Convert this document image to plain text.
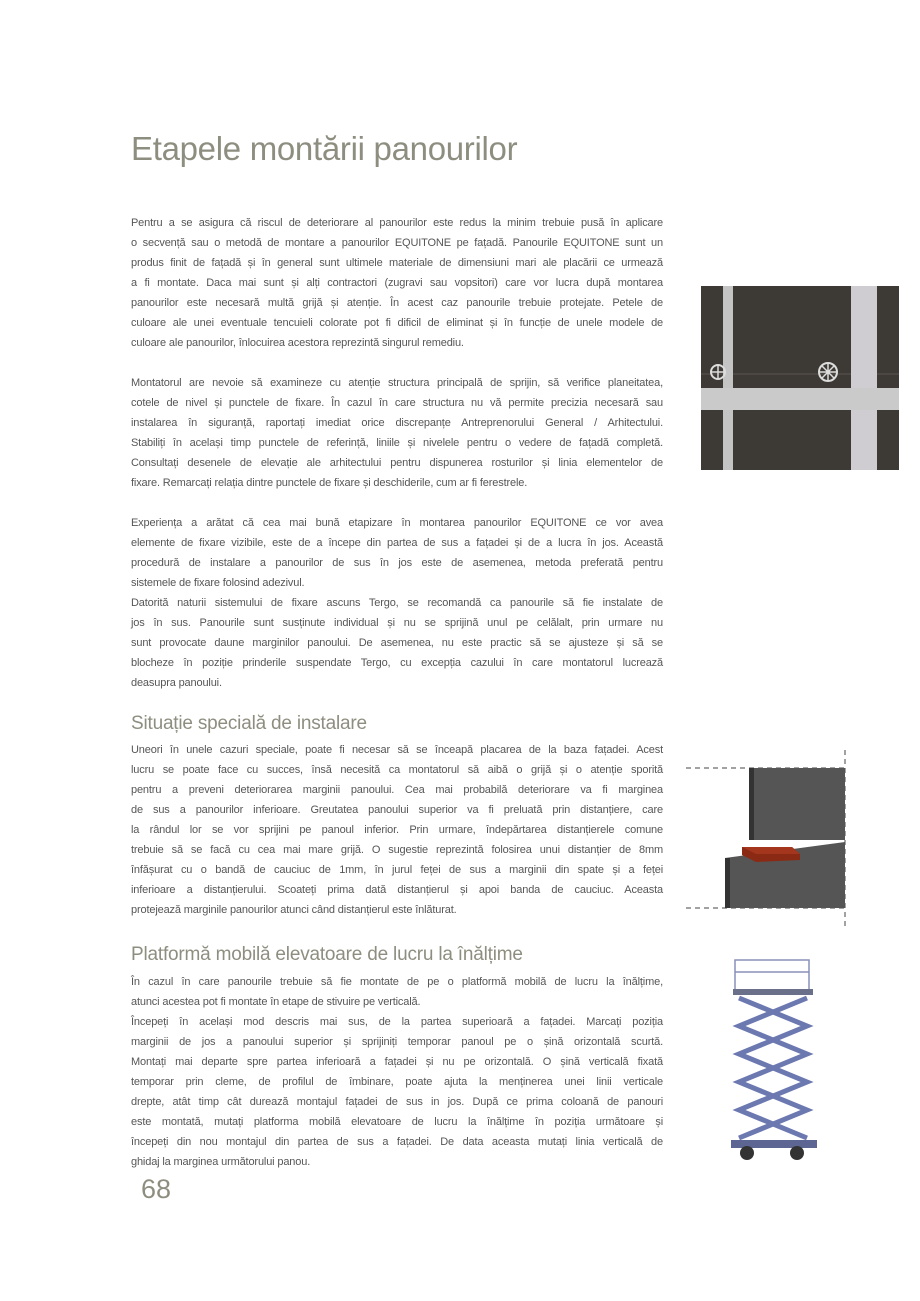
Etapele montării panourilor
Pentru a se asigura că riscul de deteriorare al panourilor este redus la minim trebuie pusă în aplicare
o secvență sau o metodă de montare a panourilor EQUITONE pe fațadă. Panourile EQUITONE sunt un
produs finit de fațadă și în general sunt ultimele materiale de dimensiuni mari ale placării ce urmează
a fi montate. Daca mai sunt și alți contractori (zugravi sau vopsitori) care vor lucra după montarea
panourilor este necesară multă grijă și atenție. În acest caz panourile trebuie protejate. Petele de
culoare ale unei eventuale tencuieli colorate pot fi dificil de eliminat și în funcție de unele modele de
culoare ale panourilor, înlocuirea acestora reprezintă singurul remediu.
Montatorul are nevoie să examineze cu atenție structura principală de sprijin, să verifice planeitatea,
cotele de nivel și punctele de fixare. În cazul în care structura nu vă permite precizia necesară sau
instalarea în siguranță, raportați imediat orice discrepanțe Antreprenorului General / Arhitectului.
Stabiliți în același timp punctele de referință, liniile și nivelele pentru o vedere de fațadă completă.
Consultați desenele de elevație ale arhitectului pentru dispunerea rosturilor și linia elementelor de
fixare. Remarcați relația dintre punctele de fixare și deschiderile, cum ar fi ferestrele.
Experiența a arătat că cea mai bună etapizare în montarea panourilor EQUITONE ce vor avea
elemente de fixare vizibile, este de a începe din partea de sus a fațadei și de a lucra în jos. Această
procedură de instalare a panourilor de sus în jos este de asemenea, metoda preferată pentru
sistemele de fixare folosind adezivul.
Datorită naturii sistemului de fixare ascuns Tergo, se recomandă ca panourile să fie instalate de
jos în sus. Panourile sunt susținute individual și nu se sprijină unul pe celălalt, prin urmare nu
sunt provocate daune marginilor panoului. De asemenea, nu este practic să se ajusteze și să se
blocheze în poziție prinderile suspendate Tergo, cu excepția cazului în care montatorul lucrează
deasupra panoului.
Situație specială de instalare
Uneori în unele cazuri speciale, poate fi necesar să se înceapă placarea de la baza fațadei. Acest
lucru se poate face cu succes, însă necesită ca montatorul să aibă o grijă și o atenție sporită
pentru a preveni deteriorarea marginii panoului. Cea mai probabilă deteriorare va fi marginea
de sus a panourilor inferioare. Greutatea panoului superior va fi preluată prin distanțiere, care
la rândul lor se vor sprijini pe panoul inferior. Prin urmare, îndepărtarea distanțierele comune
trebuie să se facă cu cea mai mare grijă. O sugestie reprezintă folosirea unui distanțier de 8mm
înfășurat cu o bandă de cauciuc de 1mm, în jurul feței de sus a marginii din spate și a feței
inferioare a distanțierului. Scoateți prima dată distanțierul și apoi banda de cauciuc. Aceasta
protejează marginile panourilor atunci când distanțierul este înlăturat.
Platformă mobilă elevatoare de lucru la înălțime
În cazul în care panourile trebuie să fie montate de pe o platformă mobilă de lucru la înălțime,
atunci acestea pot fi montate în etape de stivuire pe verticală.
Începeți în același mod descris mai sus, de la partea superioară a fațadei. Marcați poziția
marginii de jos a panoului superior și sprijiniți temporar panoul pe o șină orizontală scurtă.
Montați mai departe spre partea inferioară a fațadei și nu pe orizontală. O șină verticală fixată
temporar prin cleme, de profilul de îmbinare, poate ajuta la menținerea unei linii verticale
drepte, atât timp cât durează montajul fațadei de sus in jos. După ce prima coloană de panouri
este montată, mutați platforma mobilă elevatoare de lucru la înălțime în poziția următoare și
începeți din nou montajul din partea de sus a fațadei. De data aceasta mutați linia verticală de
ghidaj la marginea următorului panou.
68
